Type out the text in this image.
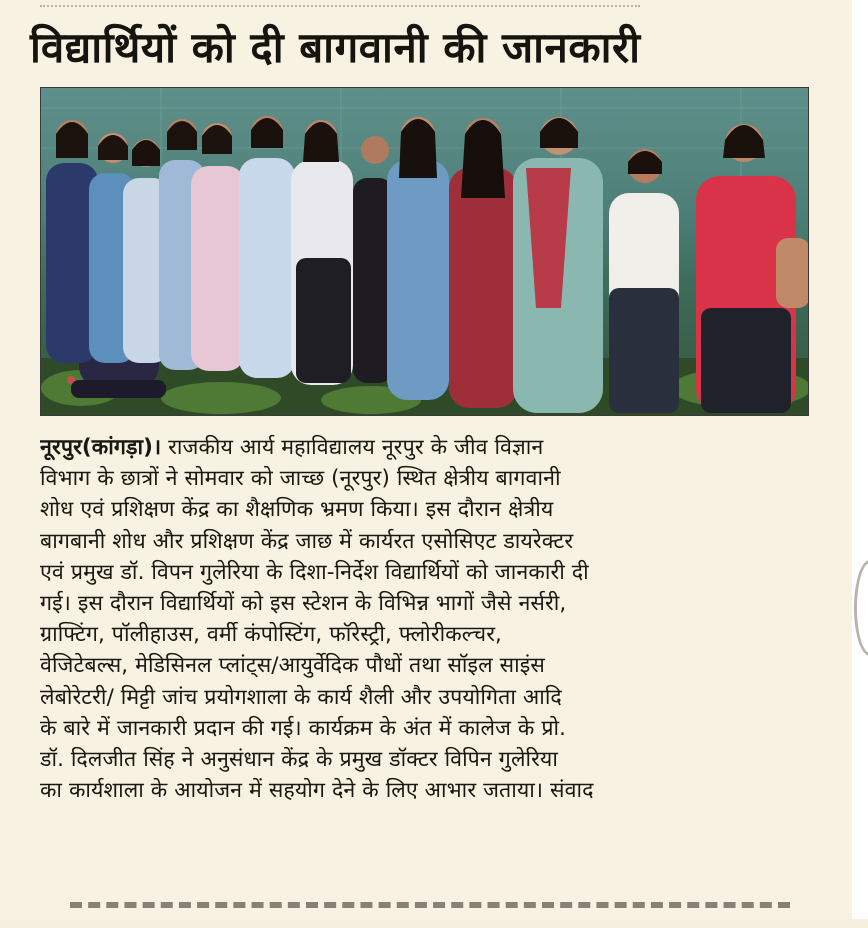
विद्यार्थियों को दी बागवानी की जानकारी
नूरपुर(कांगड़ा)। राजकीय आर्य महाविद्यालय नूरपुर के जीव विज्ञान
विभाग के छात्रों ने सोमवार को जाच्छ (नूरपुर) स्थित क्षेत्रीय बागवानी
शोध एवं प्रशिक्षण केंद्र का शैक्षणिक भ्रमण किया। इस दौरान क्षेत्रीय
बागबानी शोध और प्रशिक्षण केंद्र जाछ में कार्यरत एसोसिएट डायरेक्टर
एवं प्रमुख डॉ. विपन गुलेरिया के दिशा-निर्देश विद्यार्थियों को जानकारी दी
गई। इस दौरान विद्यार्थियों को इस स्टेशन के विभिन्न भागों जैसे नर्सरी,
ग्राफ्टिंग, पॉलीहाउस, वर्मी कंपोस्टिंग, फॉरेस्ट्री, फ्लोरीकल्चर,
वेजिटेबल्स, मेडिसिनल प्लांट्स/आयुर्वेदिक पौधों तथा सॉइल साइंस
लेबोरेटरी/ मिट्टी जांच प्रयोगशाला के कार्य शैली और उपयोगिता आदि
के बारे में जानकारी प्रदान की गई। कार्यक्रम के अंत में कालेज के प्रो.
डॉ. दिलजीत सिंह ने अनुसंधान केंद्र के प्रमुख डॉक्टर विपिन गुलेरिया
का कार्यशाला के आयोजन में सहयोग देने के लिए आभार जताया। संवाद
